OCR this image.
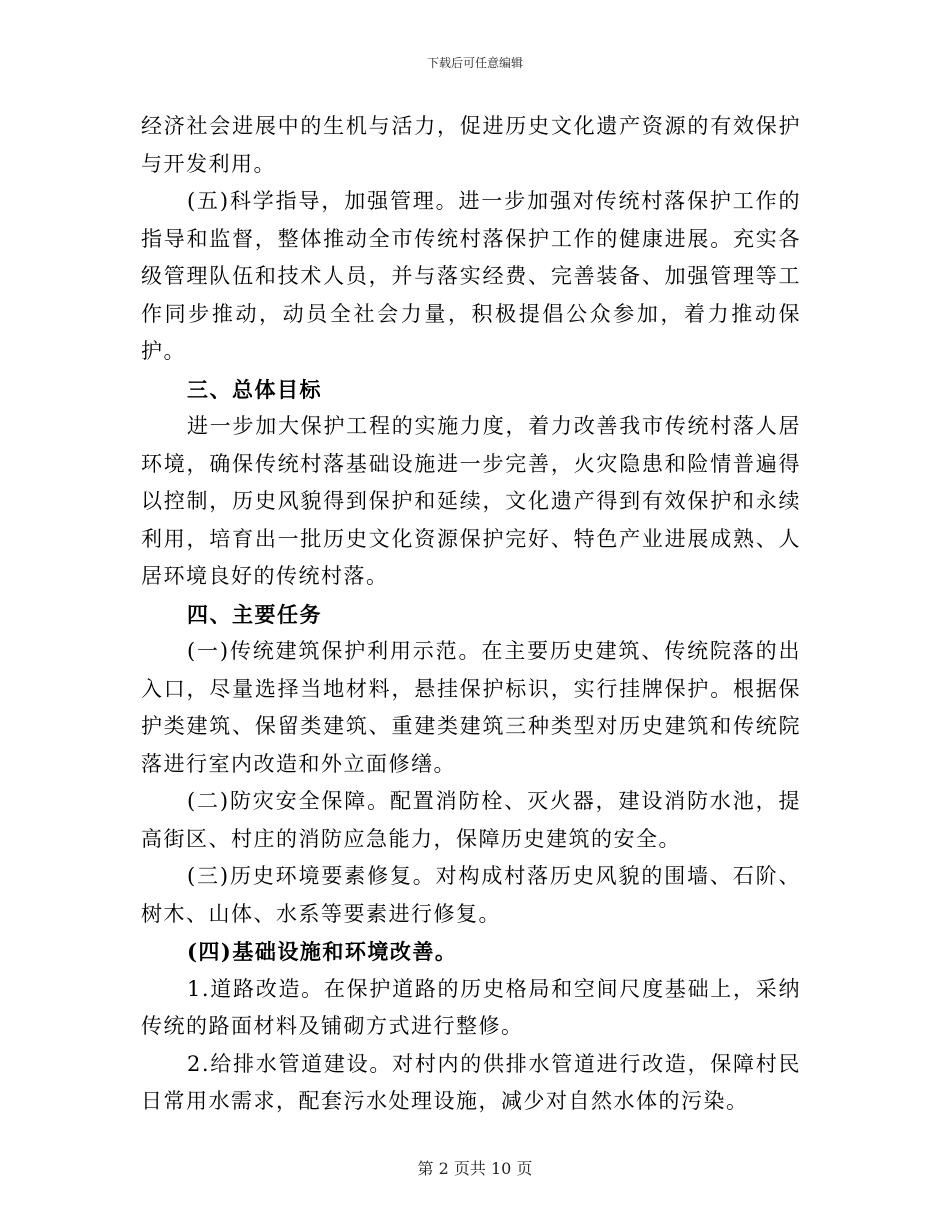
下载后可任意编辑

经济社会进展中的生机与活力，促进历史文化遗产资源的有效保护与开发利用。

(五)科学指导，加强管理。进一步加强对传统村落保护工作的指导和监督，整体推动全市传统村落保护工作的健康进展。充实各级管理队伍和技术人员，并与落实经费、完善装备、加强管理等工作同步推动，动员全社会力量，积极提倡公众参加，着力推动保护。

三、总体目标

进一步加大保护工程的实施力度，着力改善我市传统村落人居环境，确保传统村落基础设施进一步完善，火灾隐患和险情普遍得以控制，历史风貌得到保护和延续，文化遗产得到有效保护和永续利用，培育出一批历史文化资源保护完好、特色产业进展成熟、人居环境良好的传统村落。

四、主要任务

(一)传统建筑保护利用示范。在主要历史建筑、传统院落的出入口，尽量选择当地材料，悬挂保护标识，实行挂牌保护。根据保护类建筑、保留类建筑、重建类建筑三种类型对历史建筑和传统院落进行室内改造和外立面修缮。

(二)防灾安全保障。配置消防栓、灭火器，建设消防水池，提高街区、村庄的消防应急能力，保障历史建筑的安全。

(三)历史环境要素修复。对构成村落历史风貌的围墙、石阶、树木、山体、水系等要素进行修复。

(四)基础设施和环境改善。

1.道路改造。在保护道路的历史格局和空间尺度基础上，采纳传统的路面材料及铺砌方式进行整修。

2.给排水管道建设。对村内的供排水管道进行改造，保障村民日常用水需求，配套污水处理设施，减少对自然水体的污染。

第 2 页共 10 页
